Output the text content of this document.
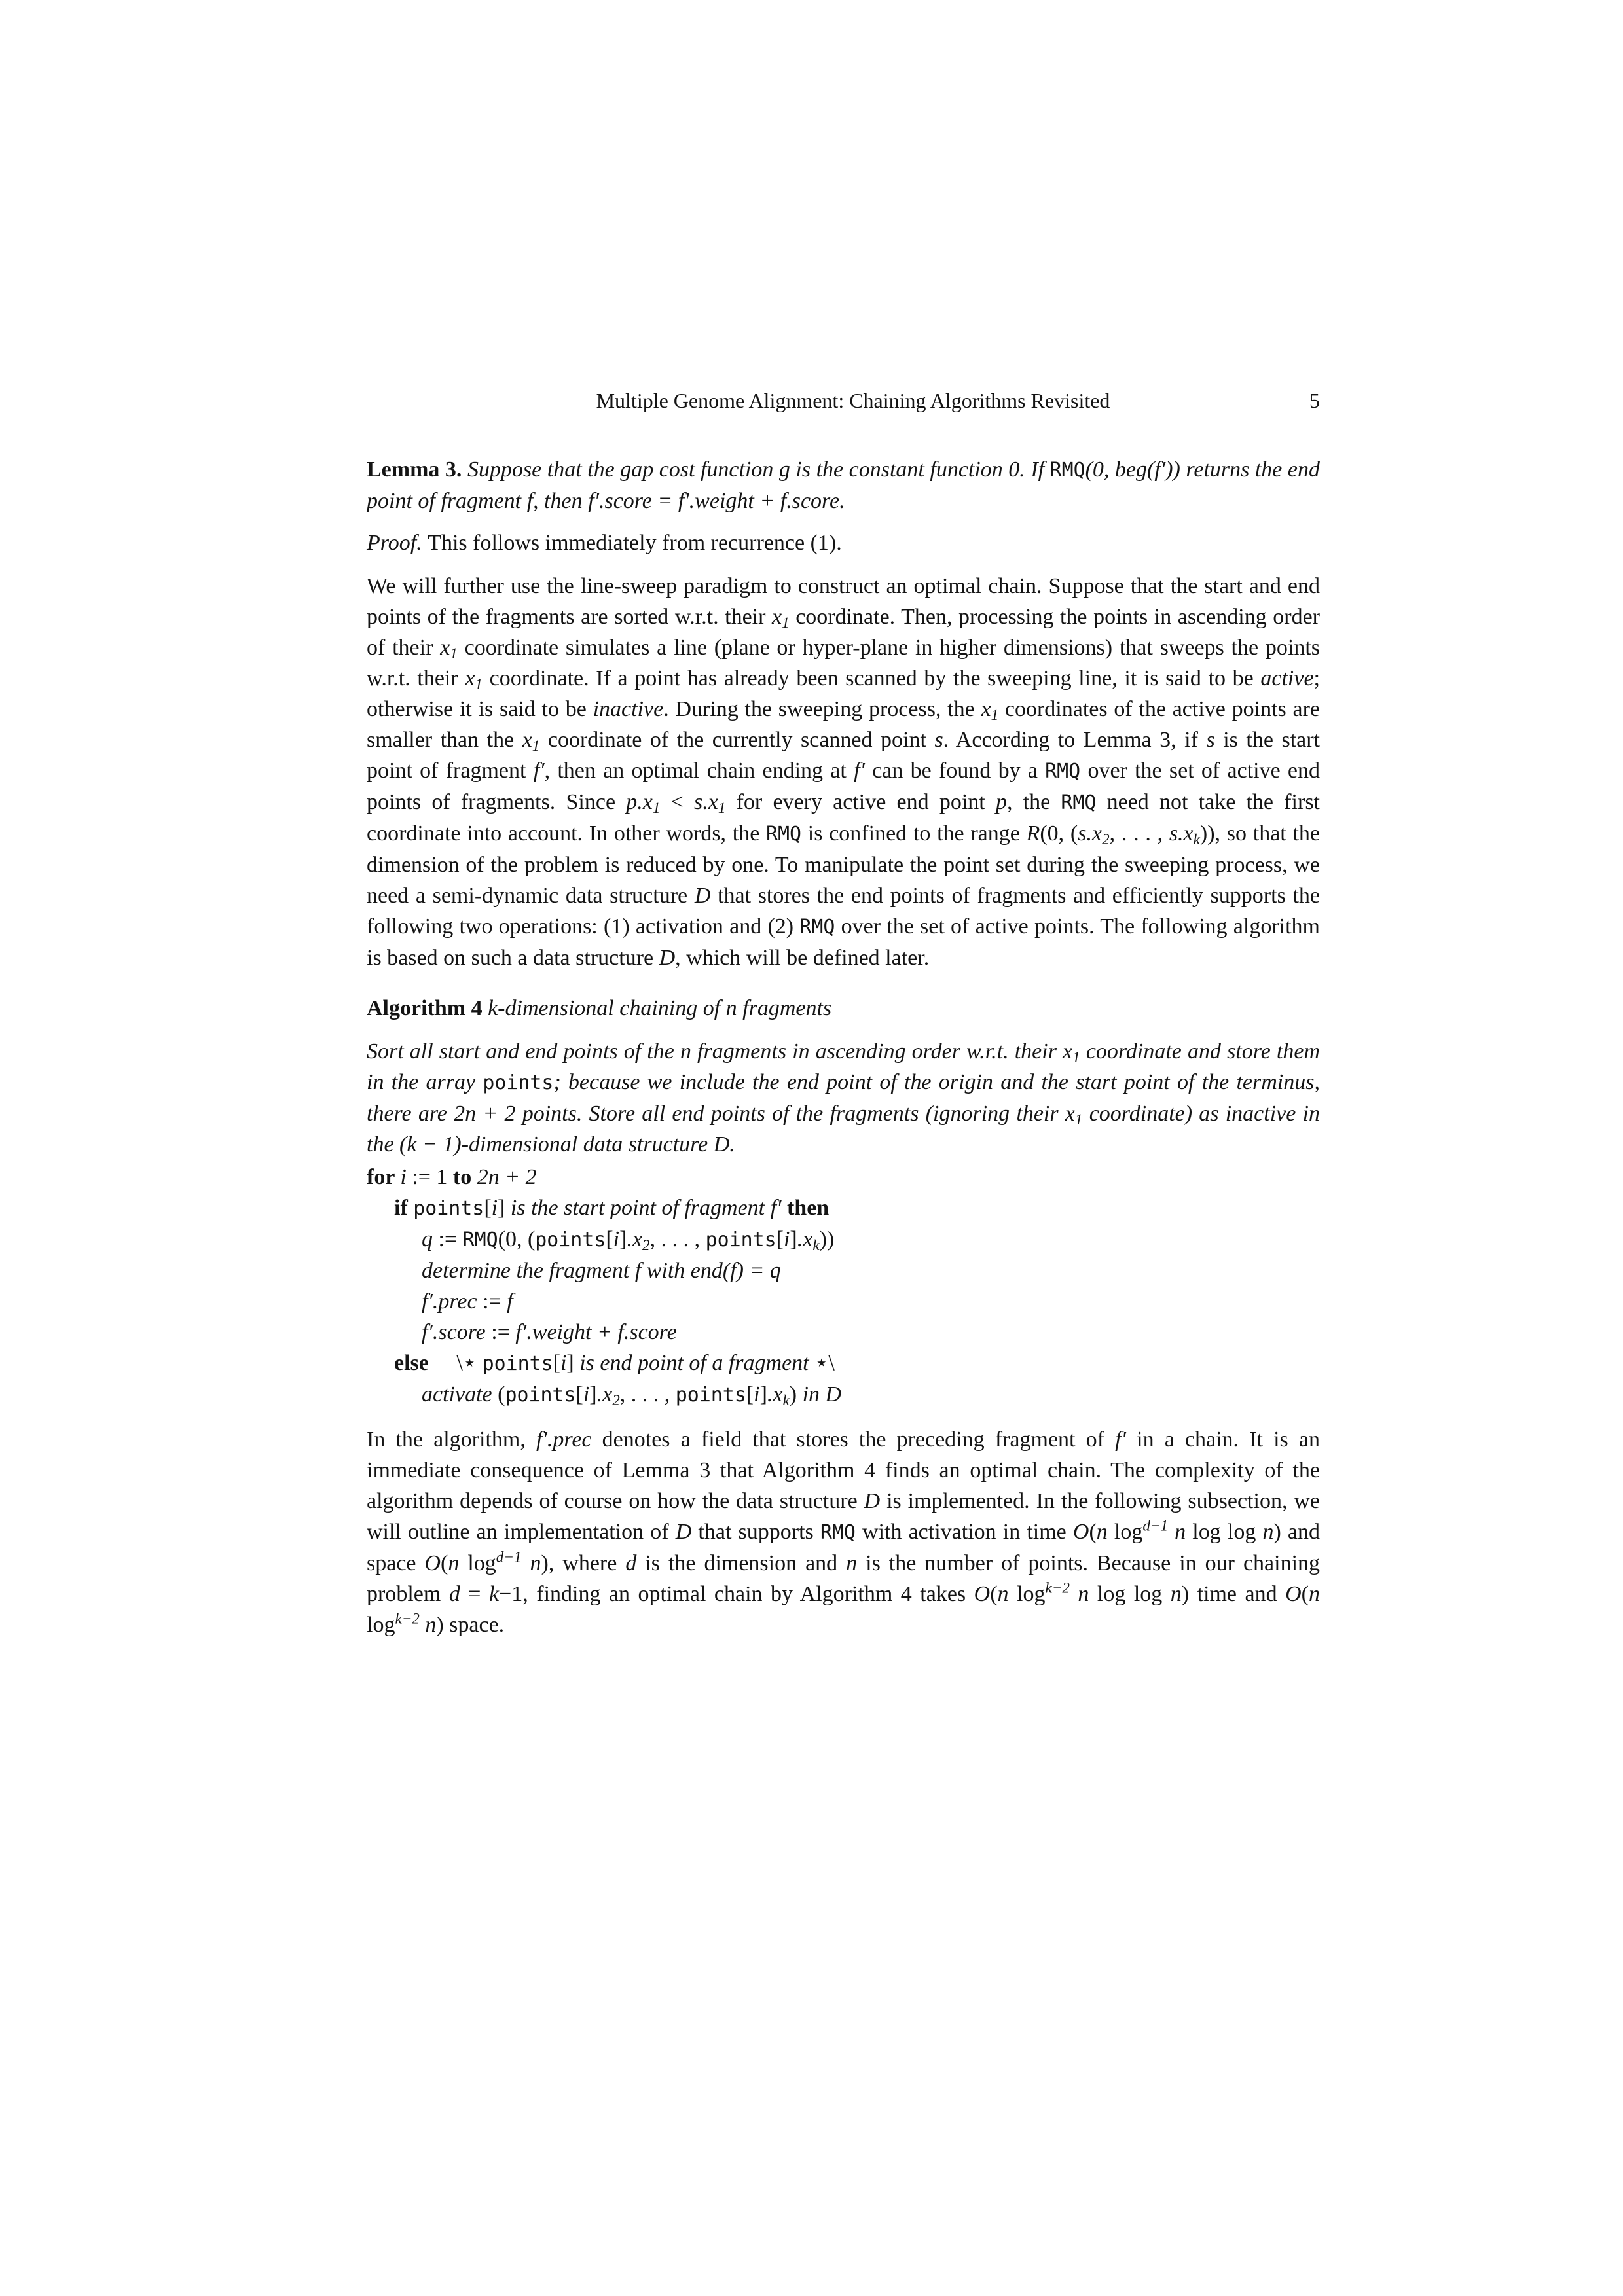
Multiple Genome Alignment: Chaining Algorithms Revisited	5
Lemma 3. Suppose that the gap cost function g is the constant function 0. If RMQ(0, beg(f′)) returns the end point of fragment f, then f′.score = f′.weight + f.score.
Proof. This follows immediately from recurrence (1).
We will further use the line-sweep paradigm to construct an optimal chain. Suppose that the start and end points of the fragments are sorted w.r.t. their $x_1$ coordinate. Then, processing the points in ascending order of their $x_1$ coordinate simulates a line (plane or hyper-plane in higher dimensions) that sweeps the points w.r.t. their $x_1$ coordinate. If a point has already been scanned by the sweeping line, it is said to be active; otherwise it is said to be inactive. During the sweeping process, the $x_1$ coordinates of the active points are smaller than the $x_1$ coordinate of the currently scanned point s. According to Lemma 3, if s is the start point of fragment f′, then an optimal chain ending at f′ can be found by a RMQ over the set of active end points of fragments. Since $p.x_1 < s.x_1$ for every active end point p, the RMQ need not take the first coordinate into account. In other words, the RMQ is confined to the range R(0, ($s.x_2$, . . . , $s.x_k$)), so that the dimension of the problem is reduced by one. To manipulate the point set during the sweeping process, we need a semi-dynamic data structure D that stores the end points of fragments and efficiently supports the following two operations: (1) activation and (2) RMQ over the set of active points. The following algorithm is based on such a data structure D, which will be defined later.
Algorithm 4 k-dimensional chaining of n fragments
Sort all start and end points of the n fragments in ascending order w.r.t. their $x_1$ coordinate and store them in the array points; because we include the end point of the origin and the start point of the terminus, there are 2n + 2 points. Store all end points of the fragments (ignoring their $x_1$ coordinate) as inactive in the (k − 1)-dimensional data structure D.
for i := 1 to 2n + 2
if points[i] is the start point of fragment f′ then
q := RMQ(0, ($points[i].x_2$, . . . , $points[i].x_k$))
determine the fragment f with end(f) = q
f′.prec := f
f′.score := f′.weight + f.score
else     \⋆ points[i] is end point of a fragment ⋆\
activate ($points[i].x_2$, . . . , $points[i].x_k$) in D
In the algorithm, f′.prec denotes a field that stores the preceding fragment of f′ in a chain. It is an immediate consequence of Lemma 3 that Algorithm 4 finds an optimal chain. The complexity of the algorithm depends of course on how the data structure D is implemented. In the following subsection, we will outline an implementation of D that supports RMQ with activation in time O(n $\log^{d-1} n$ log log n) and space O(n $\log^{d-1} n$), where d is the dimension and n is the number of points. Because in our chaining problem d = k−1, finding an optimal chain by Algorithm 4 takes O(n $\log^{k-2} n$ log log n) time and O(n $\log^{k-2} n$) space.
